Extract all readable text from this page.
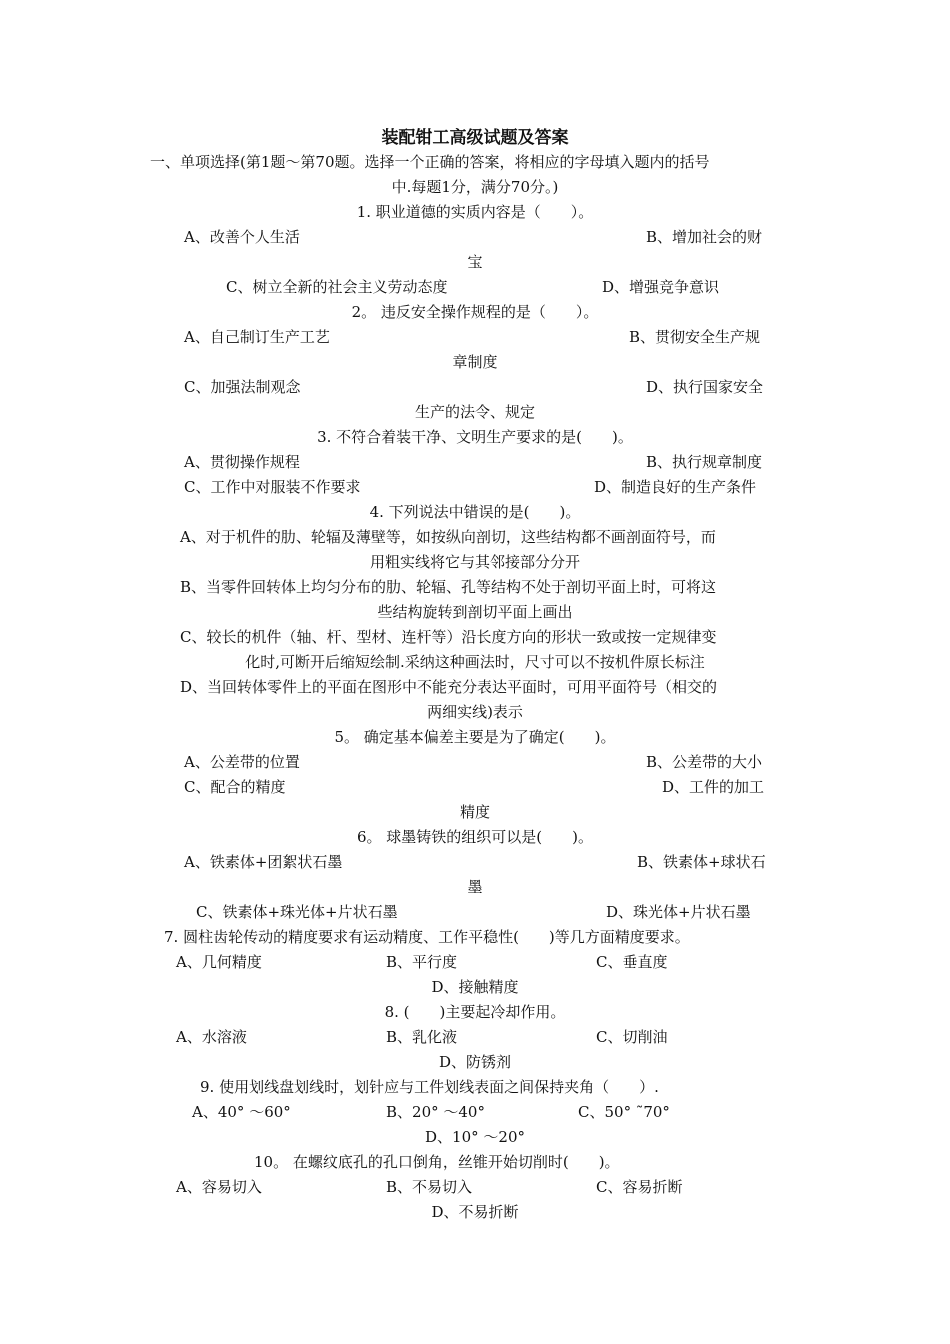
装配钳工高级试题及答案
一、单项选择(第1题～第70题。选择一个正确的答案，将相应的字母填入题内的括号
中.每题1分，满分70分。)
1. 职业道德的实质内容是（　　）。
A、改善个人生活	B、增加社会的财
宝
C、树立全新的社会主义劳动态度	D、增强竞争意识
2。 违反安全操作规程的是（　　）。
A、自己制订生产工艺	B、贯彻安全生产规
章制度
C、加强法制观念	D、执行国家安全
生产的法令、规定
3. 不符合着装干净、文明生产要求的是(　　)。
A、贯彻操作规程	B、执行规章制度
C、工作中对服装不作要求	D、制造良好的生产条件
4. 下列说法中错误的是(　　)。
A、对于机件的肋、轮辐及薄壁等，如按纵向剖切，这些结构都不画剖面符号，而
用粗实线将它与其邻接部分分开
B、当零件回转体上均匀分布的肋、轮辐、孔等结构不处于剖切平面上时，可将这
些结构旋转到剖切平面上画出
C、较长的机件（轴、杆、型材、连杆等）沿长度方向的形状一致或按一定规律变
化时,可断开后缩短绘制.采纳这种画法时，尺寸可以不按机件原长标注
D、当回转体零件上的平面在图形中不能充分表达平面时，可用平面符号（相交的
两细实线)表示
5。 确定基本偏差主要是为了确定(　　)。
A、公差带的位置	B、公差带的大小
C、配合的精度	D、工件的加工
精度
6。 球墨铸铁的组织可以是(　　)。
A、铁素体+团絮状石墨	B、铁素体+球状石
墨
C、铁素体+珠光体+片状石墨	D、珠光体+片状石墨
7. 圆柱齿轮传动的精度要求有运动精度、工作平稳性(　　)等几方面精度要求。
A、几何精度	B、平行度	C、垂直度
D、接触精度
8. (　　)主要起冷却作用。
A、水溶液	B、乳化液	C、切削油
D、防锈剂
9. 使用划线盘划线时，划针应与工件划线表面之间保持夹角（　　）.
A、40° ～60°	B、20° ～40°	C、50° ˜70°
D、10° ～20°
10。 在螺纹底孔的孔口倒角，丝锥开始切削时(　　)。
A、容易切入	B、不易切入	C、容易折断
D、不易折断
